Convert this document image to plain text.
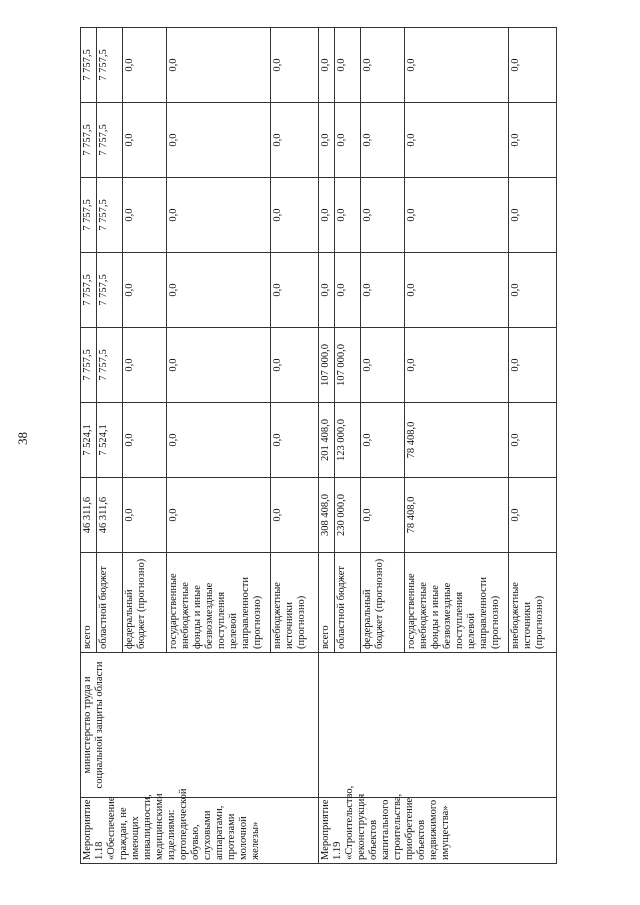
38
Мероприятие 1.18 «Обеспечение граждан, не имеющих инвалидности, медицинскими изделиями: ортопедической обувью, слуховыми аппаратами, протезами молочной железы»	министерство труда и социальной защиты области	всего	46 311,6	7 524,1	7 757,5	7 757,5	7 757,5	7 757,5	7 757,5
		областной бюджет	46 311,6	7 524,1	7 757,5	7 757,5	7 757,5	7 757,5	7 757,5
		федеральный бюджет (прогнозно)	0,0	0,0	0,0	0,0	0,0	0,0	0,0
		государственные внебюджетные фонды и иные безвозмездные поступления целевой направленности (прогнозно)	0,0	0,0	0,0	0,0	0,0	0,0	0,0
		внебюджетные источники (прогнозно)	0,0	0,0	0,0	0,0	0,0	0,0	0,0
Мероприятие 1.19 «Строительство, реконструкция объектов капитального строительства, приобретение объектов недвижимого имущества»		всего	308 408,0	201 408,0	107 000,0	0,0	0,0	0,0	0,0
		областной бюджет	230 000,0	123 000,0	107 000,0	0,0	0,0	0,0	0,0
		федеральный бюджет (прогнозно)	0,0	0,0	0,0	0,0	0,0	0,0	0,0
		государственные внебюджетные фонды и иные безвозмездные поступления целевой направленности (прогнозно)	78 408,0	78 408,0	0,0	0,0	0,0	0,0	0,0
		внебюджетные источники (прогнозно)	0,0	0,0	0,0	0,0	0,0	0,0	0,0
